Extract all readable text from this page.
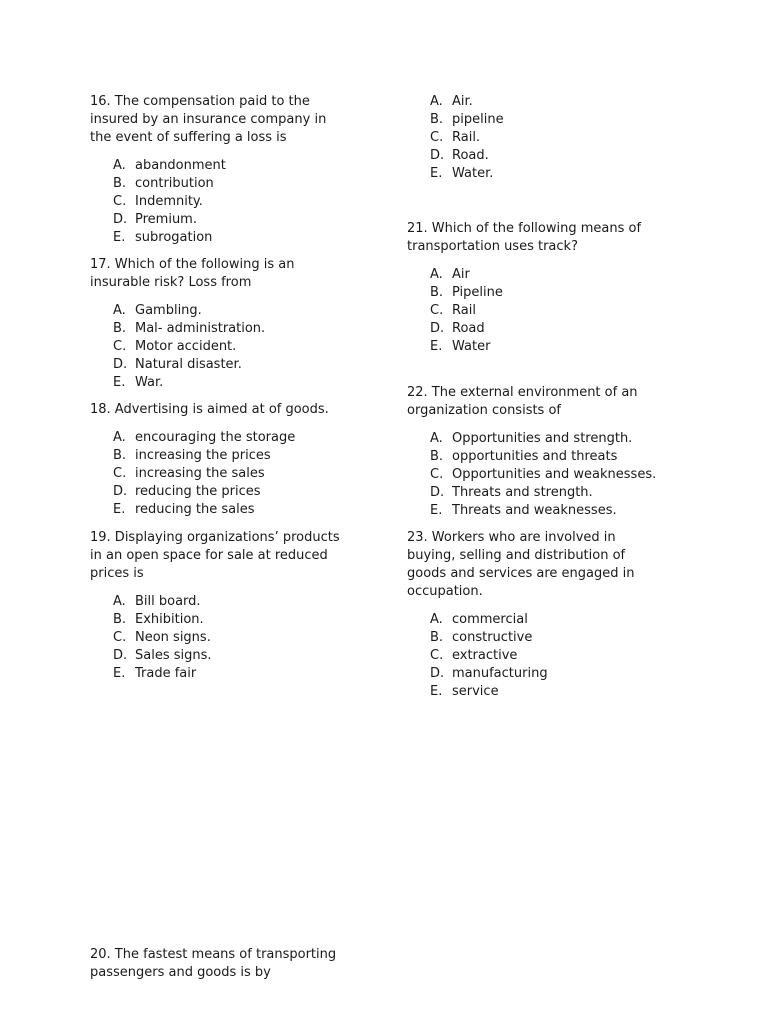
16. The compensation paid to the
insured by an insurance company in
the event of suffering a loss is

A. abandonment
B. contribution
C. Indemnity.
D. Premium.
E. subrogation

17. Which of the following is an
insurable risk? Loss from

A. Gambling.
B. Mal- administration.
C. Motor accident.
D. Natural disaster.
E. War.

18. Advertising is aimed at of goods.

A. encouraging the storage
B. increasing the prices
C. increasing the sales
D. reducing the prices
E. reducing the sales

19. Displaying organizations’ products
in an open space for sale at reduced
prices is

A. Bill board.
B. Exhibition.
C. Neon signs.
D. Sales signs.
E. Trade fair

20. The fastest means of transporting
passengers and goods is by

A. Air.
B. pipeline
C. Rail.
D. Road.
E. Water.

21. Which of the following means of
transportation uses track?

A. Air
B. Pipeline
C. Rail
D. Road
E. Water

22. The external environment of an
organization consists of

A. Opportunities and strength.
B. opportunities and threats
C. Opportunities and weaknesses.
D. Threats and strength.
E. Threats and weaknesses.

23. Workers who are involved in
buying, selling and distribution of
goods and services are engaged in
occupation.

A. commercial
B. constructive
C. extractive
D. manufacturing
E. service
